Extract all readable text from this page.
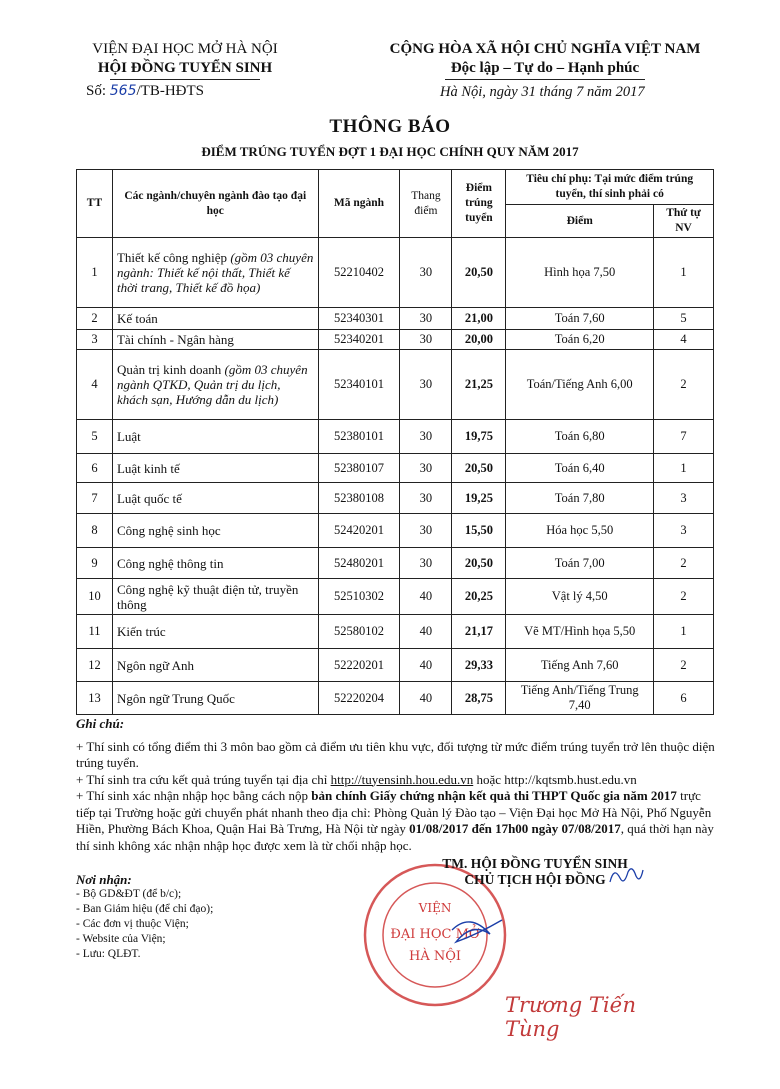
VIỆN ĐẠI HỌC MỞ HÀ NỘI
HỘI ĐỒNG TUYỂN SINH
Số: 565/TB-HĐTS
CỘNG HÒA XÃ HỘI CHỦ NGHĨA VIỆT NAM
Độc lập – Tự do – Hạnh phúc
Hà Nội, ngày 31 tháng 7 năm 2017
THÔNG BÁO
ĐIỂM TRÚNG TUYỂN ĐỢT 1 ĐẠI HỌC CHÍNH QUY NĂM 2017
TT	Các ngành/chuyên ngành đào tạo đại học	Mã ngành	Thang điểm	Điểm trúng tuyển	Tiêu chí phụ: Tại mức điểm trúng tuyển, thí sinh phải có	
					Điểm	Thứ tự NV
1	Thiết kế công nghiệp (gồm 03 chuyên ngành: Thiết kế nội thất, Thiết kế thời trang, Thiết kế đồ họa)	52210402	30	20,50	Hình họa 7,50	1
2	Kế toán	52340301	30	21,00	Toán 7,60	5
3	Tài chính - Ngân hàng	52340201	30	20,00	Toán 6,20	4
4	Quản trị kinh doanh (gồm 03 chuyên ngành QTKD, Quản trị du lịch, khách sạn, Hướng dẫn du lịch)	52340101	30	21,25	Toán/Tiếng Anh 6,00	2
5	Luật	52380101	30	19,75	Toán 6,80	7
6	Luật kinh tế	52380107	30	20,50	Toán 6,40	1
7	Luật quốc tế	52380108	30	19,25	Toán 7,80	3
8	Công nghệ sinh học	52420201	30	15,50	Hóa học 5,50	3
9	Công nghệ thông tin	52480201	30	20,50	Toán 7,00	2
10	Công nghệ kỹ thuật điện tử, truyền thông	52510302	40	20,25	Vật lý 4,50	2
11	Kiến trúc	52580102	40	21,17	Vẽ MT/Hình họa 5,50	1
12	Ngôn ngữ Anh	52220201	40	29,33	Tiếng Anh 7,60	2
13	Ngôn ngữ Trung Quốc	52220204	40	28,75	Tiếng Anh/Tiếng Trung 7,40	6

Ghi chú:

+ Thí sinh có tổng điểm thi 3 môn bao gồm cả điểm ưu tiên khu vực, đối tượng từ mức điểm trúng tuyển trở lên thuộc diện trúng tuyển.

+ Thí sinh tra cứu kết quả trúng tuyển tại địa chỉ http://tuyensinh.hou.edu.vn hoặc http://kqtsmb.hust.edu.vn

+ Thí sinh xác nhận nhập học bằng cách nộp bản chính Giấy chứng nhận kết quả thi THPT Quốc gia năm 2017 trực tiếp tại Trường hoặc gửi chuyển phát nhanh theo địa chỉ: Phòng Quản lý Đào tạo – Viện Đại học Mở Hà Nội, Phố Nguyễn Hiền, Phường Bách Khoa, Quận Hai Bà Trưng, Hà Nội từ ngày 01/08/2017 đến 17h00 ngày 07/08/2017, quá thời hạn này thí sinh không xác nhận nhập học được xem là từ chối nhập học.

Nơi nhận:
- Bộ GD&ĐT (để b/c);
- Ban Giám hiệu (để chỉ đạo);
- Các đơn vị thuộc Viện;
- Website của Viện;
- Lưu: QLĐT.
VIỆN
ĐẠI HỌC MỞ
HÀ NỘI
TM. HỘI ĐỒNG TUYỂN SINH
CHỦ TỊCH HỘI ĐỒNG
Trương Tiến Tùng
